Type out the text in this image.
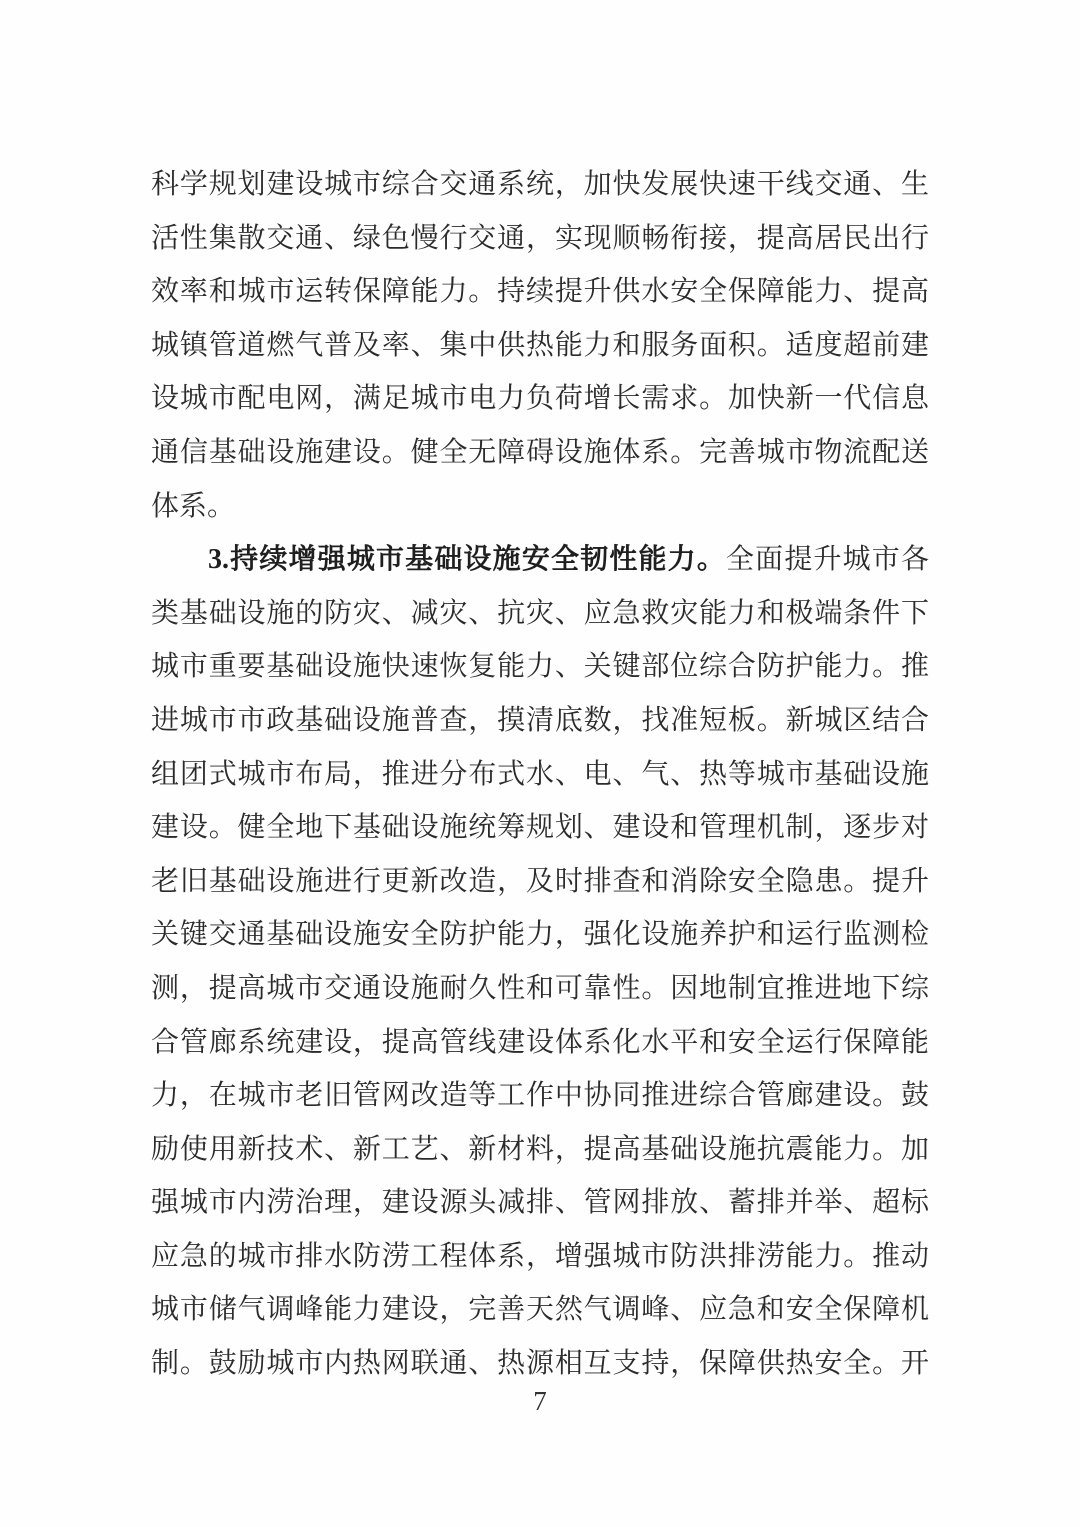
科学规划建设城市综合交通系统，加快发展快速干线交通、生
活性集散交通、绿色慢行交通，实现顺畅衔接，提高居民出行
效率和城市运转保障能力。持续提升供水安全保障能力、提高
城镇管道燃气普及率、集中供热能力和服务面积。适度超前建
设城市配电网，满足城市电力负荷增长需求。加快新一代信息
通信基础设施建设。健全无障碍设施体系。完善城市物流配送
体系。
3.持续增强城市基础设施安全韧性能力。全面提升城市各
类基础设施的防灾、减灾、抗灾、应急救灾能力和极端条件下
城市重要基础设施快速恢复能力、关键部位综合防护能力。推
进城市市政基础设施普查，摸清底数，找准短板。新城区结合
组团式城市布局，推进分布式水、电、气、热等城市基础设施
建设。健全地下基础设施统筹规划、建设和管理机制，逐步对
老旧基础设施进行更新改造，及时排查和消除安全隐患。提升
关键交通基础设施安全防护能力，强化设施养护和运行监测检
测，提高城市交通设施耐久性和可靠性。因地制宜推进地下综
合管廊系统建设，提高管线建设体系化水平和安全运行保障能
力，在城市老旧管网改造等工作中协同推进综合管廊建设。鼓
励使用新技术、新工艺、新材料，提高基础设施抗震能力。加
强城市内涝治理，建设源头减排、管网排放、蓄排并举、超标
应急的城市排水防涝工程体系，增强城市防洪排涝能力。推动
城市储气调峰能力建设，完善天然气调峰、应急和安全保障机
制。鼓励城市内热网联通、热源相互支持，保障供热安全。开
7
